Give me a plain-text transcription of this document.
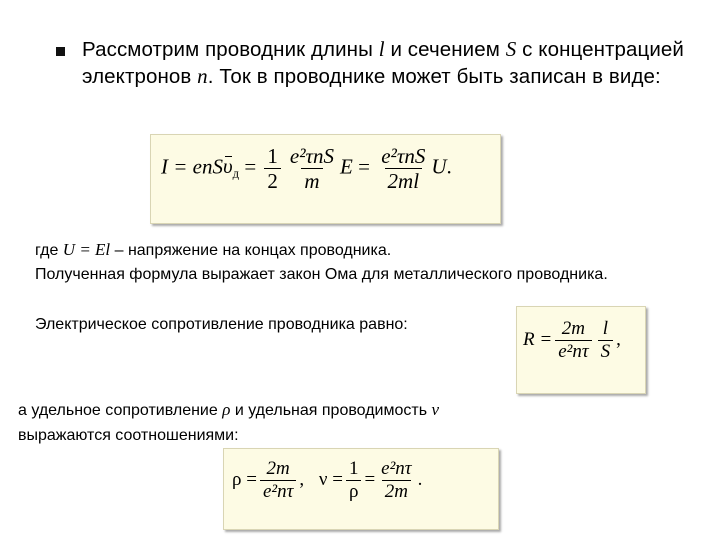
Рассмотрим проводник длины l и сечением S с концентрацией электронов n. Ток в проводнике может быть записан в виде:
$I = enS\upsilon_д = \frac{1}{2} \frac{\text{e²τnS}}{m}$ $E = \frac{\text{e²τnS}}{2ml} U$.
где U = El – напряжение на концах проводника.
Полученная формула выражает закон Ома для металлического проводника.
Электрическое сопротивление проводника равно:
$R = \frac{2m}{\text{e²nτ}} \frac{l}{S}$ ,
а удельное сопротивление ρ и удельная проводимость ν выражаются соотношениями:
$\rho = \frac{2m}{\text{e²nτ}}$ , $\nu = \frac{1}{\rho} = \frac{\text{e²nτ}}{2m}$ .
